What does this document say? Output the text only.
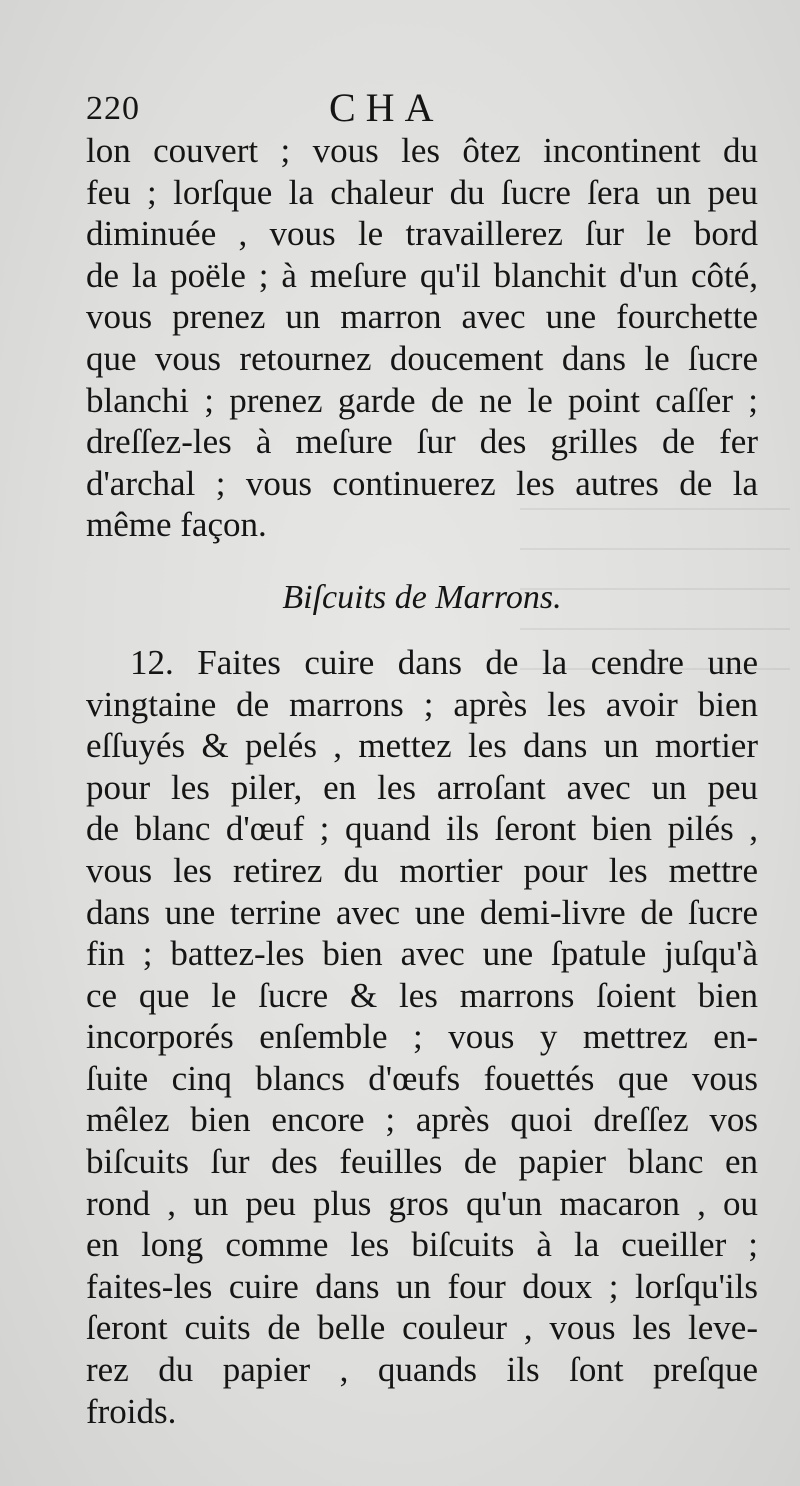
220	CHA
lon couvert ; vous les ôtez incontinent du
feu ; lorſque la chaleur du ſucre ſera un peu
diminuée , vous le travaillerez ſur le bord
de la poële ; à meſure qu'il blanchit d'un côté,
vous prenez un marron avec une fourchette
que vous retournez doucement dans le ſucre
blanchi ; prenez garde de ne le point caſſer ;
dreſſez-les à meſure ſur des grilles de fer
d'archal ; vous continuerez les autres de la
même façon.
Biſcuits de Marrons.
12. Faites cuire dans de la cendre une
vingtaine de marrons ; après les avoir bien
eſſuyés & pelés , mettez les dans un mortier
pour les piler, en les arroſant avec un peu
de blanc d'œuf ; quand ils ſeront bien pilés ,
vous les retirez du mortier pour les mettre
dans une terrine avec une demi-livre de ſucre
fin ; battez-les bien avec une ſpatule juſqu'à
ce que le ſucre & les marrons ſoient bien
incorporés enſemble ; vous y mettrez en-
ſuite cinq blancs d'œufs fouettés que vous
mêlez bien encore ; après quoi dreſſez vos
biſcuits ſur des feuilles de papier blanc en
rond , un peu plus gros qu'un macaron , ou
en long comme les biſcuits à la cueiller ;
faites-les cuire dans un four doux ; lorſqu'ils
ſeront cuits de belle couleur , vous les leve-
rez du papier , quands ils ſont preſque
froids.
